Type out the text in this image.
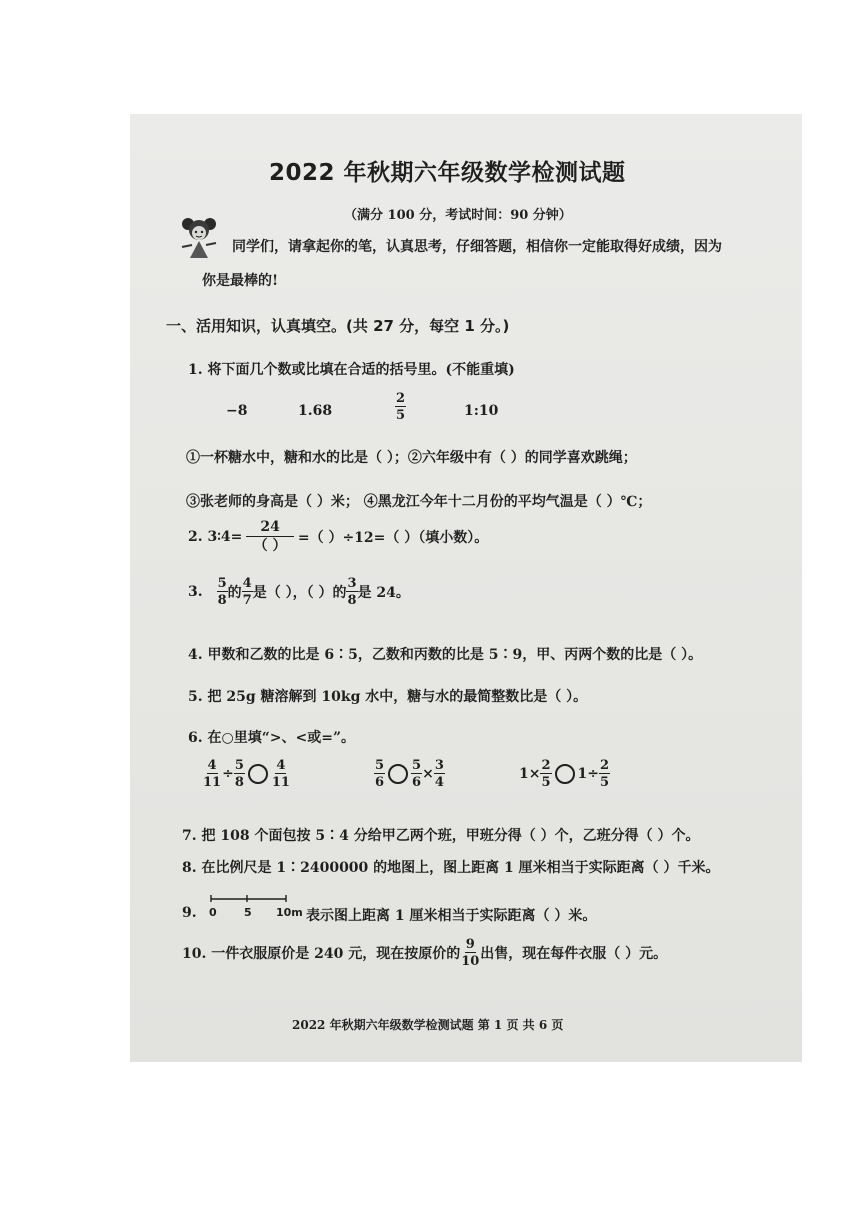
2022 年秋期六年级数学检测试题
（满分 100 分，考试时间：90 分钟）
同学们，请拿起你的笔，认真思考，仔细答题，相信你一定能取得好成绩，因为
你是最棒的!
一、活用知识，认真填空。(共 27 分，每空 1 分。)
1. 将下面几个数或比填在合适的括号里。(不能重填)
−8	1.68	$\frac{2}{5}$	1:10
①一杯糖水中，糖和水的比是（ ）；②六年级中有（ ）的同学喜欢跳绳；
③张老师的身高是（ ）米； ④黑龙江今年十二月份的平均气温是（ ）℃；
2. 3∶4= $\frac{24}{( )}$ =（ ）÷12=（ ）（填小数）。
3. $\frac{5}{8}$ 的 $\frac{4}{7}$ 是（ ），（ ）的 $\frac{3}{8}$ 是 24。
4. 甲数和乙数的比是 6∶5，乙数和丙数的比是 5∶9，甲、丙两个数的比是（ ）。
5. 把 25g 糖溶解到 10kg 水中，糖与水的最简整数比是（ ）。
6. 在○里填“>、<或=”。
$\frac{4}{11} \div \frac{5}{8} \frac{4}{11}$	$\frac{5}{6} \frac{5}{6} \times \frac{3}{4}$	$1\times \frac{2}{5} 1\div \frac{2}{5}$
7. 把 108 个面包按 5∶4 分给甲乙两个班，甲班分得（ ）个，乙班分得（ ）个。
8. 在比例尺是 1∶2400000 的地图上，图上距离 1 厘米相当于实际距离（ ）千米。
9. 0 5 10m 表示图上距离 1 厘米相当于实际距离（ ）米。
10. 一件衣服原价是 240 元，现在按原价的 $\frac{9}{10}$ 出售，现在每件衣服（ ）元。
2022 年秋期六年级数学检测试题 第 1 页 共 6 页
